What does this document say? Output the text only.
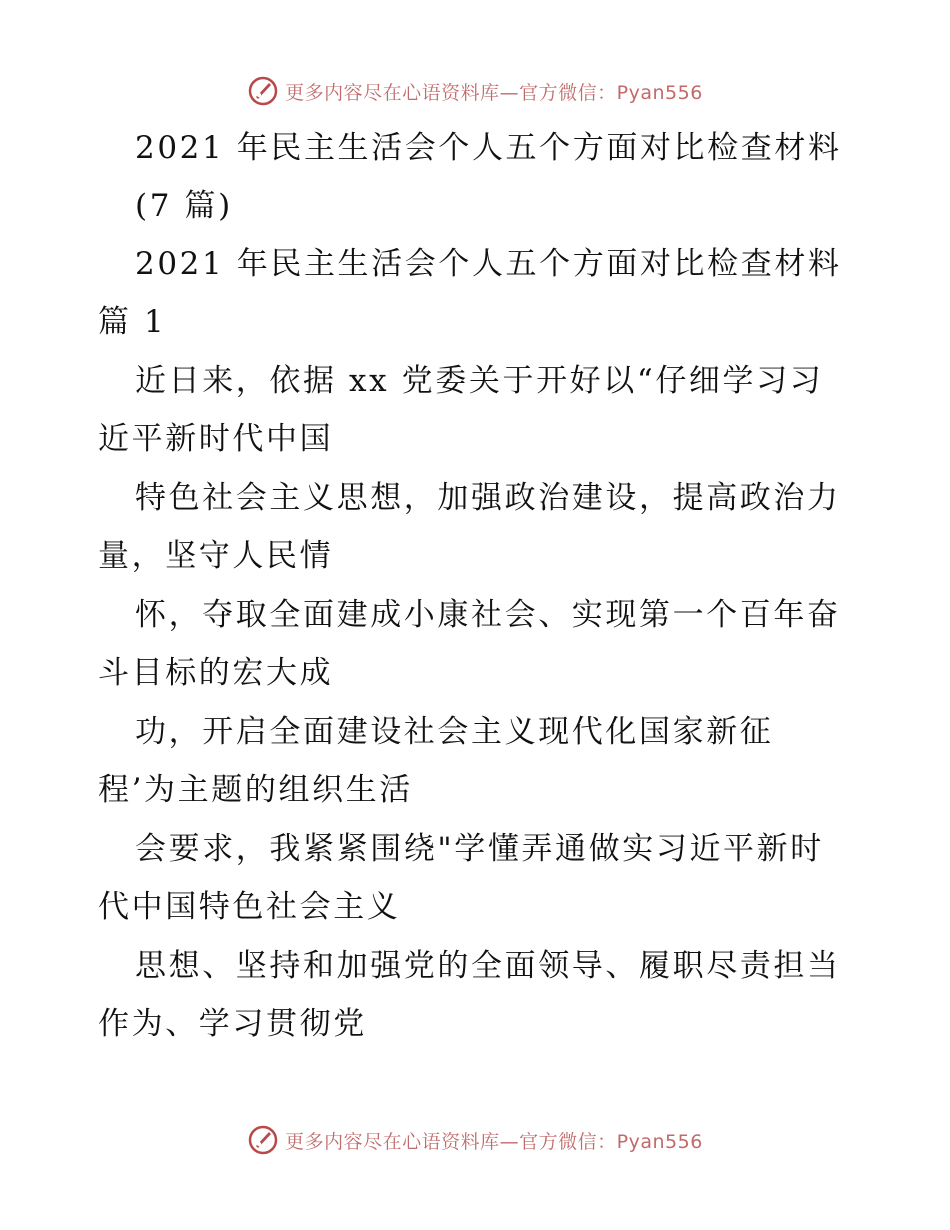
更多内容尽在心语资料库—官方微信：Pyan556
2021 年民主生活会个人五个方面对比检查材料
(7 篇)
2021 年民主生活会个人五个方面对比检查材料
篇 1
近日来，依据 xx 党委关于开好以“仔细学习习
近平新时代中国
特色社会主义思想，加强政治建设，提高政治力
量，坚守人民情
怀，夺取全面建成小康社会、实现第一个百年奋
斗目标的宏大成
功，开启全面建设社会主义现代化国家新征
程’为主题的组织生活
会要求，我紧紧围绕"学懂弄通做实习近平新时
代中国特色社会主义
思想、坚持和加强党的全面领导、履职尽责担当
作为、学习贯彻党
更多内容尽在心语资料库—官方微信：Pyan556
